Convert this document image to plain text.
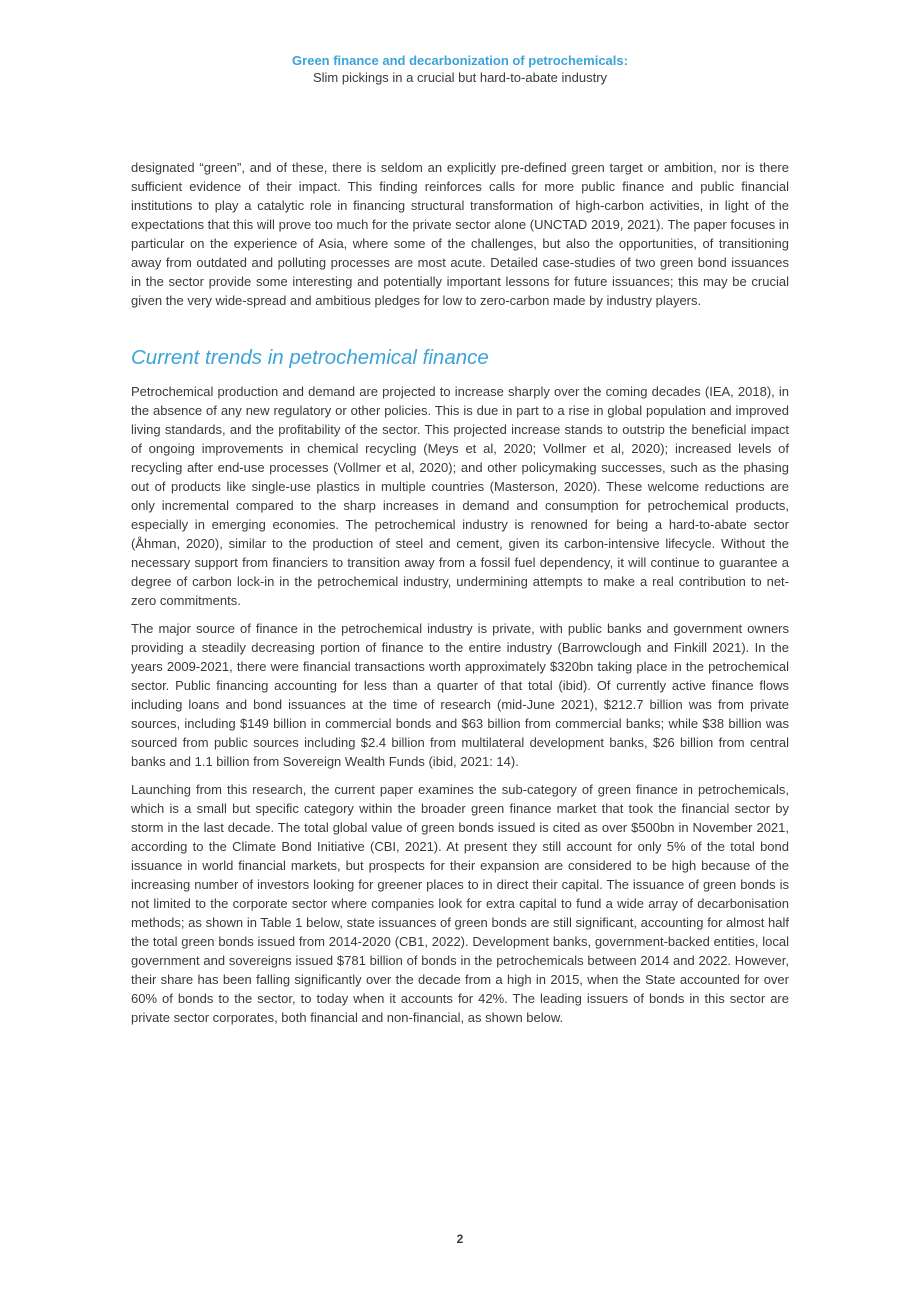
Green finance and decarbonization of petrochemicals:
Slim pickings in a crucial but hard-to-abate industry

designated “green”, and of these, there is seldom an explicitly pre-defined green target or ambition, nor is there sufficient evidence of their impact. This finding reinforces calls for more public finance and public financial institutions to play a catalytic role in financing structural transformation of high-carbon activities, in light of the expectations that this will prove too much for the private sector alone (UNCTAD 2019, 2021). The paper focuses in particular on the experience of Asia, where some of the challenges, but also the opportunities, of transitioning away from outdated and polluting processes are most acute. Detailed case-studies of two green bond issuances in the sector provide some interesting and potentially important lessons for future issuances; this may be crucial given the very wide-spread and ambitious pledges for low to zero-carbon made by industry players.

Current trends in petrochemical finance

Petrochemical production and demand are projected to increase sharply over the coming decades (IEA, 2018), in the absence of any new regulatory or other policies. This is due in part to a rise in global population and improved living standards, and the profitability of the sector. This projected increase stands to outstrip the beneficial impact of ongoing improvements in chemical recycling (Meys et al, 2020; Vollmer et al, 2020); increased levels of recycling after end-use processes (Vollmer et al, 2020); and other policymaking successes, such as the phasing out of products like single-use plastics in multiple countries (Masterson, 2020). These welcome reductions are only incremental compared to the sharp increases in demand and consumption for petrochemical products, especially in emerging economies. The petrochemical industry is renowned for being a hard-to-abate sector (Åhman, 2020), similar to the production of steel and cement, given its carbon-intensive lifecycle. Without the necessary support from financiers to transition away from a fossil fuel dependency, it will continue to guarantee a degree of carbon lock-in in the petrochemical industry, undermining attempts to make a real contribution to net-zero commitments.

The major source of finance in the petrochemical industry is private, with public banks and government owners providing a steadily decreasing portion of finance to the entire industry (Barrowclough and Finkill 2021). In the years 2009-2021, there were financial transactions worth approximately $320bn taking place in the petrochemical sector. Public financing accounting for less than a quarter of that total (ibid). Of currently active finance flows including loans and bond issuances at the time of research (mid-June 2021), $212.7 billion was from private sources, including $149 billion in commercial bonds and $63 billion from commercial banks; while $38 billion was sourced from public sources including $2.4 billion from multilateral development banks, $26 billion from central banks and 1.1 billion from Sovereign Wealth Funds (ibid, 2021: 14).

Launching from this research, the current paper examines the sub-category of green finance in petrochemicals, which is a small but specific category within the broader green finance market that took the financial sector by storm in the last decade. The total global value of green bonds issued is cited as over $500bn in November 2021, according to the Climate Bond Initiative (CBI, 2021). At present they still account for only 5% of the total bond issuance in world financial markets, but prospects for their expansion are considered to be high because of the increasing number of investors looking for greener places to in direct their capital. The issuance of green bonds is not limited to the corporate sector where companies look for extra capital to fund a wide array of decarbonisation methods; as shown in Table 1 below, state issuances of green bonds are still significant, accounting for almost half the total green bonds issued from 2014-2020 (CB1, 2022). Development banks, government-backed entities, local government and sovereigns issued $781 billion of bonds in the petrochemicals between 2014 and 2022. However, their share has been falling significantly over the decade from a high in 2015, when the State accounted for over 60% of bonds to the sector, to today when it accounts for 42%. The leading issuers of bonds in this sector are private sector corporates, both financial and non-financial, as shown below.

2
